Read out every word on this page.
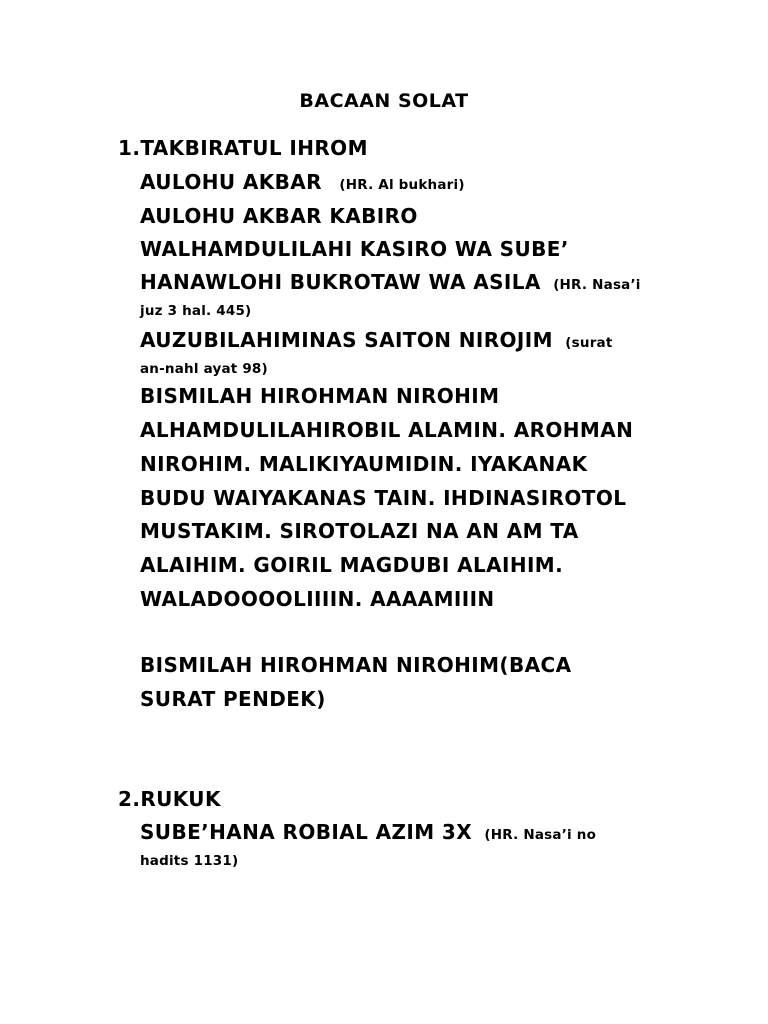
BACAAN SOLAT
1.TAKBIRATUL IHROM
AULOHU AKBAR (HR. Al bukhari)
AULOHU AKBAR KABIRO
WALHAMDULILAHI KASIRO WA SUBE’
HANAWLOHI BUKROTAW WA ASILA (HR. Nasa’i
juz 3 hal. 445)
AUZUBILAHIMINAS SAITON NIROJIM (surat
an-nahl ayat 98)
BISMILAH HIROHMAN NIROHIM
ALHAMDULILAHIROBIL ALAMIN. AROHMAN
NIROHIM. MALIKIYAUMIDIN. IYAKANAK
BUDU WAIYAKANAS TAIN. IHDINASIROTOL
MUSTAKIM. SIROTOLAZI NA AN AM TA
ALAIHIM. GOIRIL MAGDUBI ALAIHIM.
WALADOOOOLIIIIN. AAAAMIIIN
BISMILAH HIROHMAN NIROHIM(BACA
SURAT PENDEK)
2.RUKUK
SUBE’HANA ROBIAL AZIM 3X (HR. Nasa’i no
hadits 1131)
